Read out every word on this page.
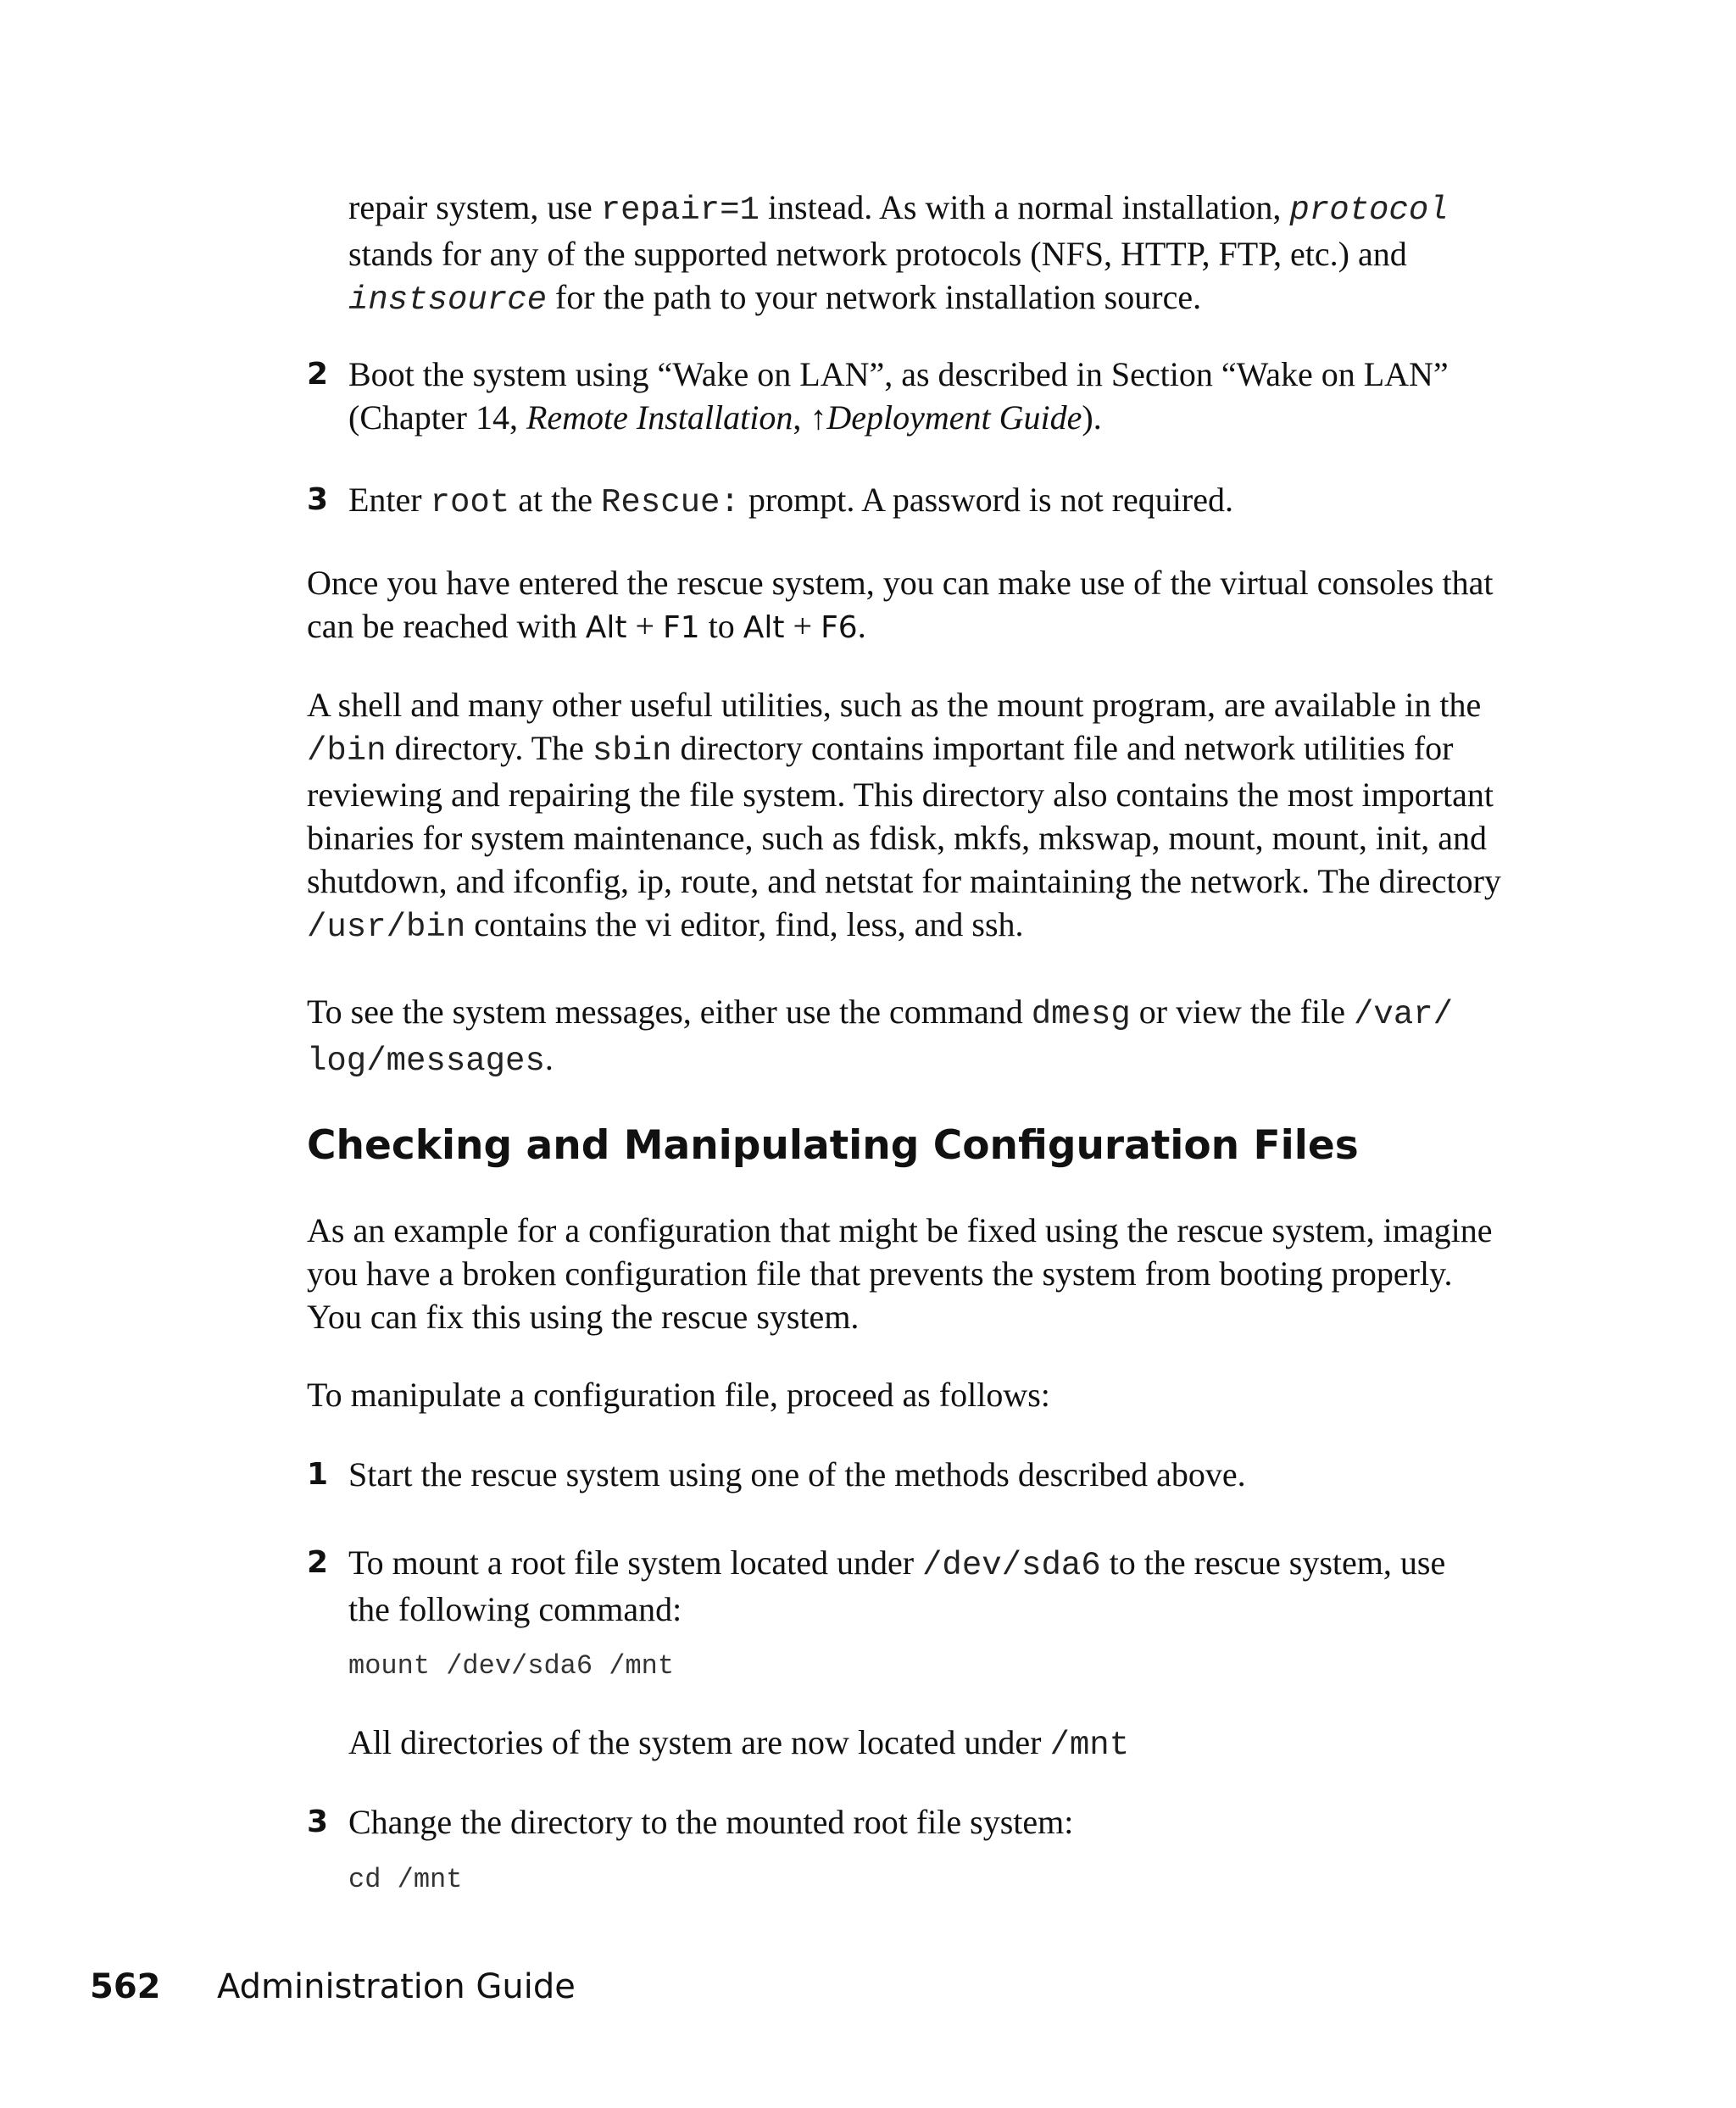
repair system, use repair=1 instead. As with a normal installation, protocol
stands for any of the supported network protocols (NFS, HTTP, FTP, etc.) and
instsource for the path to your network installation source.
2 Boot the system using “Wake on LAN”, as described in Section “Wake on LAN”
(Chapter 14, Remote Installation, ↑Deployment Guide).
3 Enter root at the Rescue: prompt. A password is not required.
Once you have entered the rescue system, you can make use of the virtual consoles that
can be reached with Alt + F1 to Alt + F6.
A shell and many other useful utilities, such as the mount program, are available in the
/bin directory. The sbin directory contains important file and network utilities for
reviewing and repairing the file system. This directory also contains the most important
binaries for system maintenance, such as fdisk, mkfs, mkswap, mount, mount, init, and
shutdown, and ifconfig, ip, route, and netstat for maintaining the network. The directory
/usr/bin contains the vi editor, find, less, and ssh.
To see the system messages, either use the command dmesg or view the file /var/
log/messages.
Checking and Manipulating Configuration Files
As an example for a configuration that might be fixed using the rescue system, imagine
you have a broken configuration file that prevents the system from booting properly.
You can fix this using the rescue system.
To manipulate a configuration file, proceed as follows:
1 Start the rescue system using one of the methods described above.
2 To mount a root file system located under /dev/sda6 to the rescue system, use
the following command:
mount /dev/sda6 /mnt
All directories of the system are now located under /mnt
3 Change the directory to the mounted root file system:
cd /mnt
562 Administration Guide
